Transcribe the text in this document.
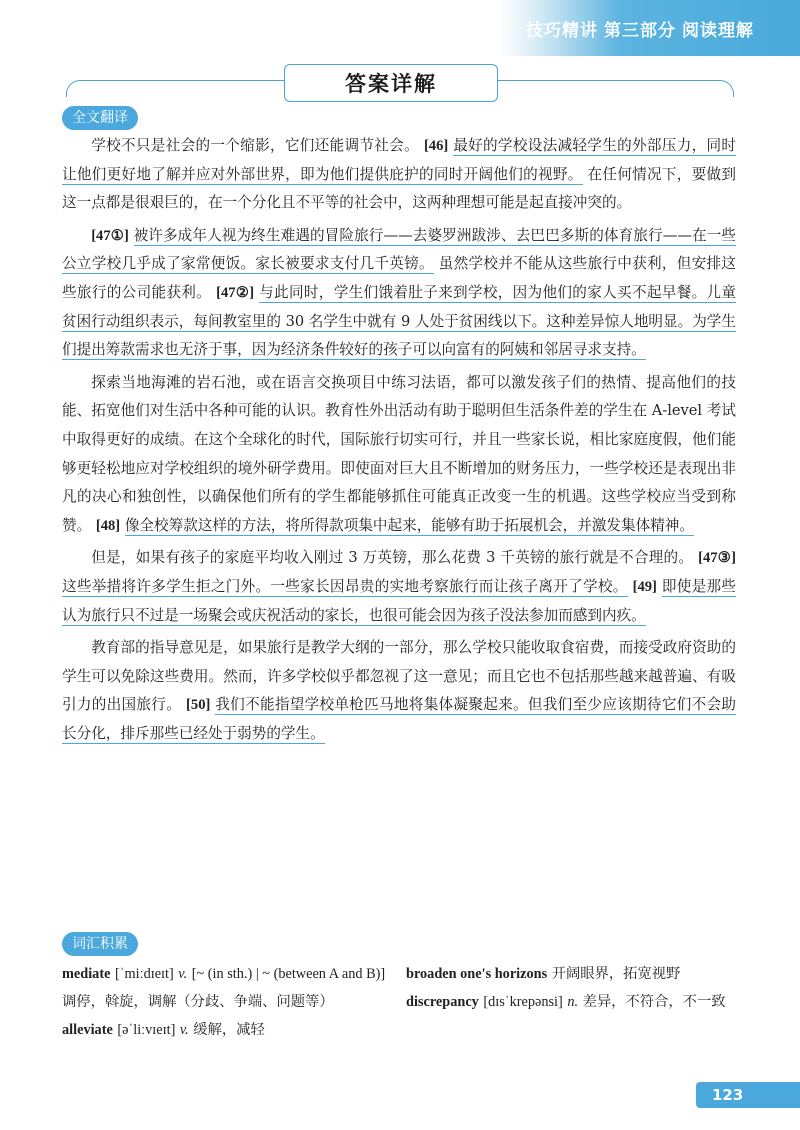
技巧精讲 第三部分 阅读理解
答案详解
全文翻译

学校不只是社会的一个缩影，它们还能调节社会。 [46] 最好的学校设法减轻学生的外部压力，同时让他们更好地了解并应对外部世界，即为他们提供庇护的同时开阔他们的视野。 在任何情况下，要做到这一点都是很艰巨的，在一个分化且不平等的社会中，这两种理想可能是起直接冲突的。

[47①] 被许多成年人视为终生难遇的冒险旅行——去婆罗洲跋涉、去巴巴多斯的体育旅行——在一些公立学校几乎成了家常便饭。家长被要求支付几千英镑。 虽然学校并不能从这些旅行中获利，但安排这些旅行的公司能获利。 [47②] 与此同时，学生们饿着肚子来到学校，因为他们的家人买不起早餐。儿童贫困行动组织表示，每间教室里的 30 名学生中就有 9 人处于贫困线以下。这种差异惊人地明显。为学生们提出筹款需求也无济于事，因为经济条件较好的孩子可以向富有的阿姨和邻居寻求支持。

探索当地海滩的岩石池，或在语言交换项目中练习法语，都可以激发孩子们的热情、提高他们的技能、拓宽他们对生活中各种可能的认识。教育性外出活动有助于聪明但生活条件差的学生在 A-level 考试中取得更好的成绩。在这个全球化的时代，国际旅行切实可行，并且一些家长说，相比家庭度假，他们能够更轻松地应对学校组织的境外研学费用。即使面对巨大且不断增加的财务压力，一些学校还是表现出非凡的决心和独创性，以确保他们所有的学生都能够抓住可能真正改变一生的机遇。这些学校应当受到称赞。 [48] 像全校筹款这样的方法，将所得款项集中起来，能够有助于拓展机会，并激发集体精神。

但是，如果有孩子的家庭平均收入刚过 3 万英镑，那么花费 3 千英镑的旅行就是不合理的。 [47③] 这些举措将许多学生拒之门外。一些家长因昂贵的实地考察旅行而让孩子离开了学校。 [49] 即使是那些认为旅行只不过是一场聚会或庆祝活动的家长，也很可能会因为孩子没法参加而感到内疚。

教育部的指导意见是，如果旅行是教学大纲的一部分，那么学校只能收取食宿费，而接受政府资助的学生可以免除这些费用。然而，许多学校似乎都忽视了这一意见；而且它也不包括那些越来越普遍、有吸引力的出国旅行。 [50] 我们不能指望学校单枪匹马地将集体凝聚起来。但我们至少应该期待它们不会助长分化，排斥那些已经处于弱势的学生。

词汇积累

mediate [ˈmiːdɪeɪt] v. [~ (in sth.) | ~ (between A and B)] 调停，斡旋，调解（分歧、争端、问题等）

alleviate [əˈliːvɪeɪt] v. 缓解，减轻

broaden one's horizons 开阔眼界，拓宽视野

discrepancy [dɪsˈkrepənsi] n. 差异，不符合，不一致

123
